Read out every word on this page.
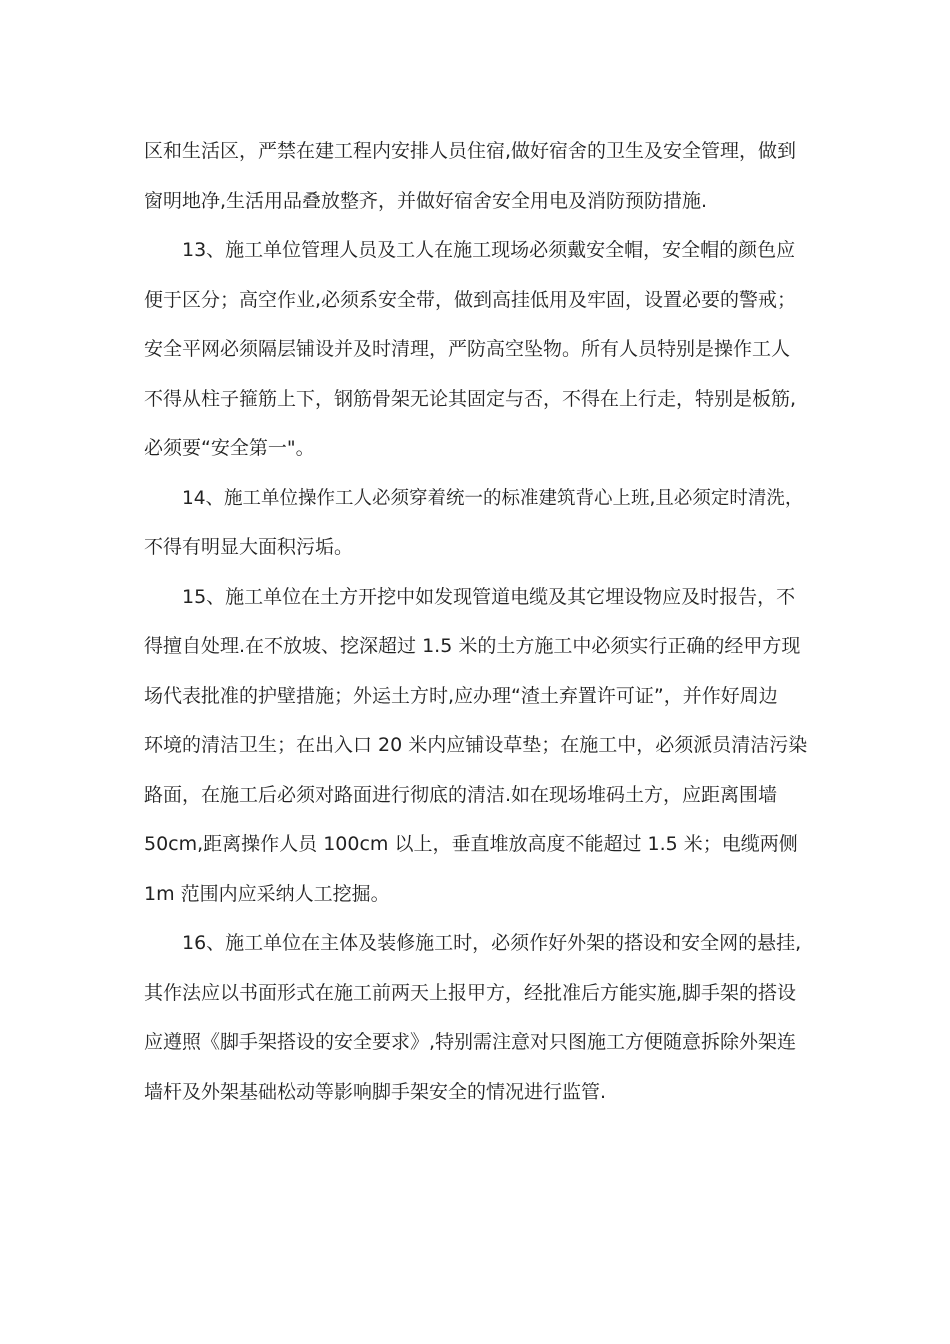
区和生活区，严禁在建工程内安排人员住宿,做好宿舍的卫生及安全管理，做到
窗明地净,生活用品叠放整齐，并做好宿舍安全用电及消防预防措施.
13、施工单位管理人员及工人在施工现场必须戴安全帽，安全帽的颜色应
便于区分；高空作业,必须系安全带，做到高挂低用及牢固，设置必要的警戒；
安全平网必须隔层铺设并及时清理，严防高空坠物。所有人员特别是操作工人
不得从柱子箍筋上下，钢筋骨架无论其固定与否，不得在上行走，特别是板筋,
必须要“安全第一"。
14、施工单位操作工人必须穿着统一的标准建筑背心上班,且必须定时清洗，
不得有明显大面积污垢。
15、施工单位在土方开挖中如发现管道电缆及其它埋设物应及时报告，不
得擅自处理.在不放坡、挖深超过 1.5 米的土方施工中必须实行正确的经甲方现
场代表批准的护壁措施；外运土方时,应办理“渣土弃置许可证”，并作好周边
环境的清洁卫生；在出入口 20 米内应铺设草垫；在施工中，必须派员清洁污染
路面，在施工后必须对路面进行彻底的清洁.如在现场堆码土方，应距离围墙
50cm,距离操作人员 100cm 以上，垂直堆放高度不能超过 1.5 米；电缆两侧
1m 范围内应采纳人工挖掘。
16、施工单位在主体及装修施工时，必须作好外架的搭设和安全网的悬挂,
其作法应以书面形式在施工前两天上报甲方，经批准后方能实施,脚手架的搭设
应遵照《脚手架搭设的安全要求》,特别需注意对只图施工方便随意拆除外架连
墙杆及外架基础松动等影响脚手架安全的情况进行监管.
